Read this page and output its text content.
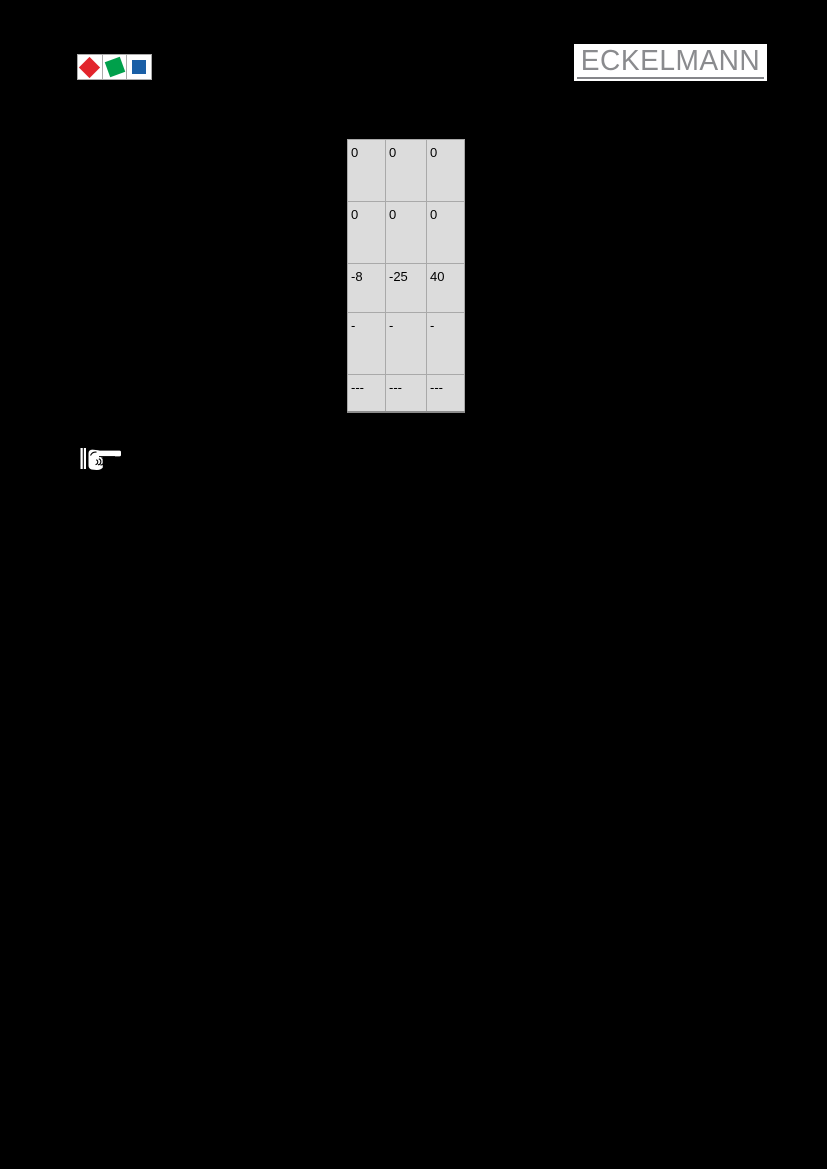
ECKELMANN
0	0	0
0	0	0
-8	-25	40
-	-	-
---	---	---
